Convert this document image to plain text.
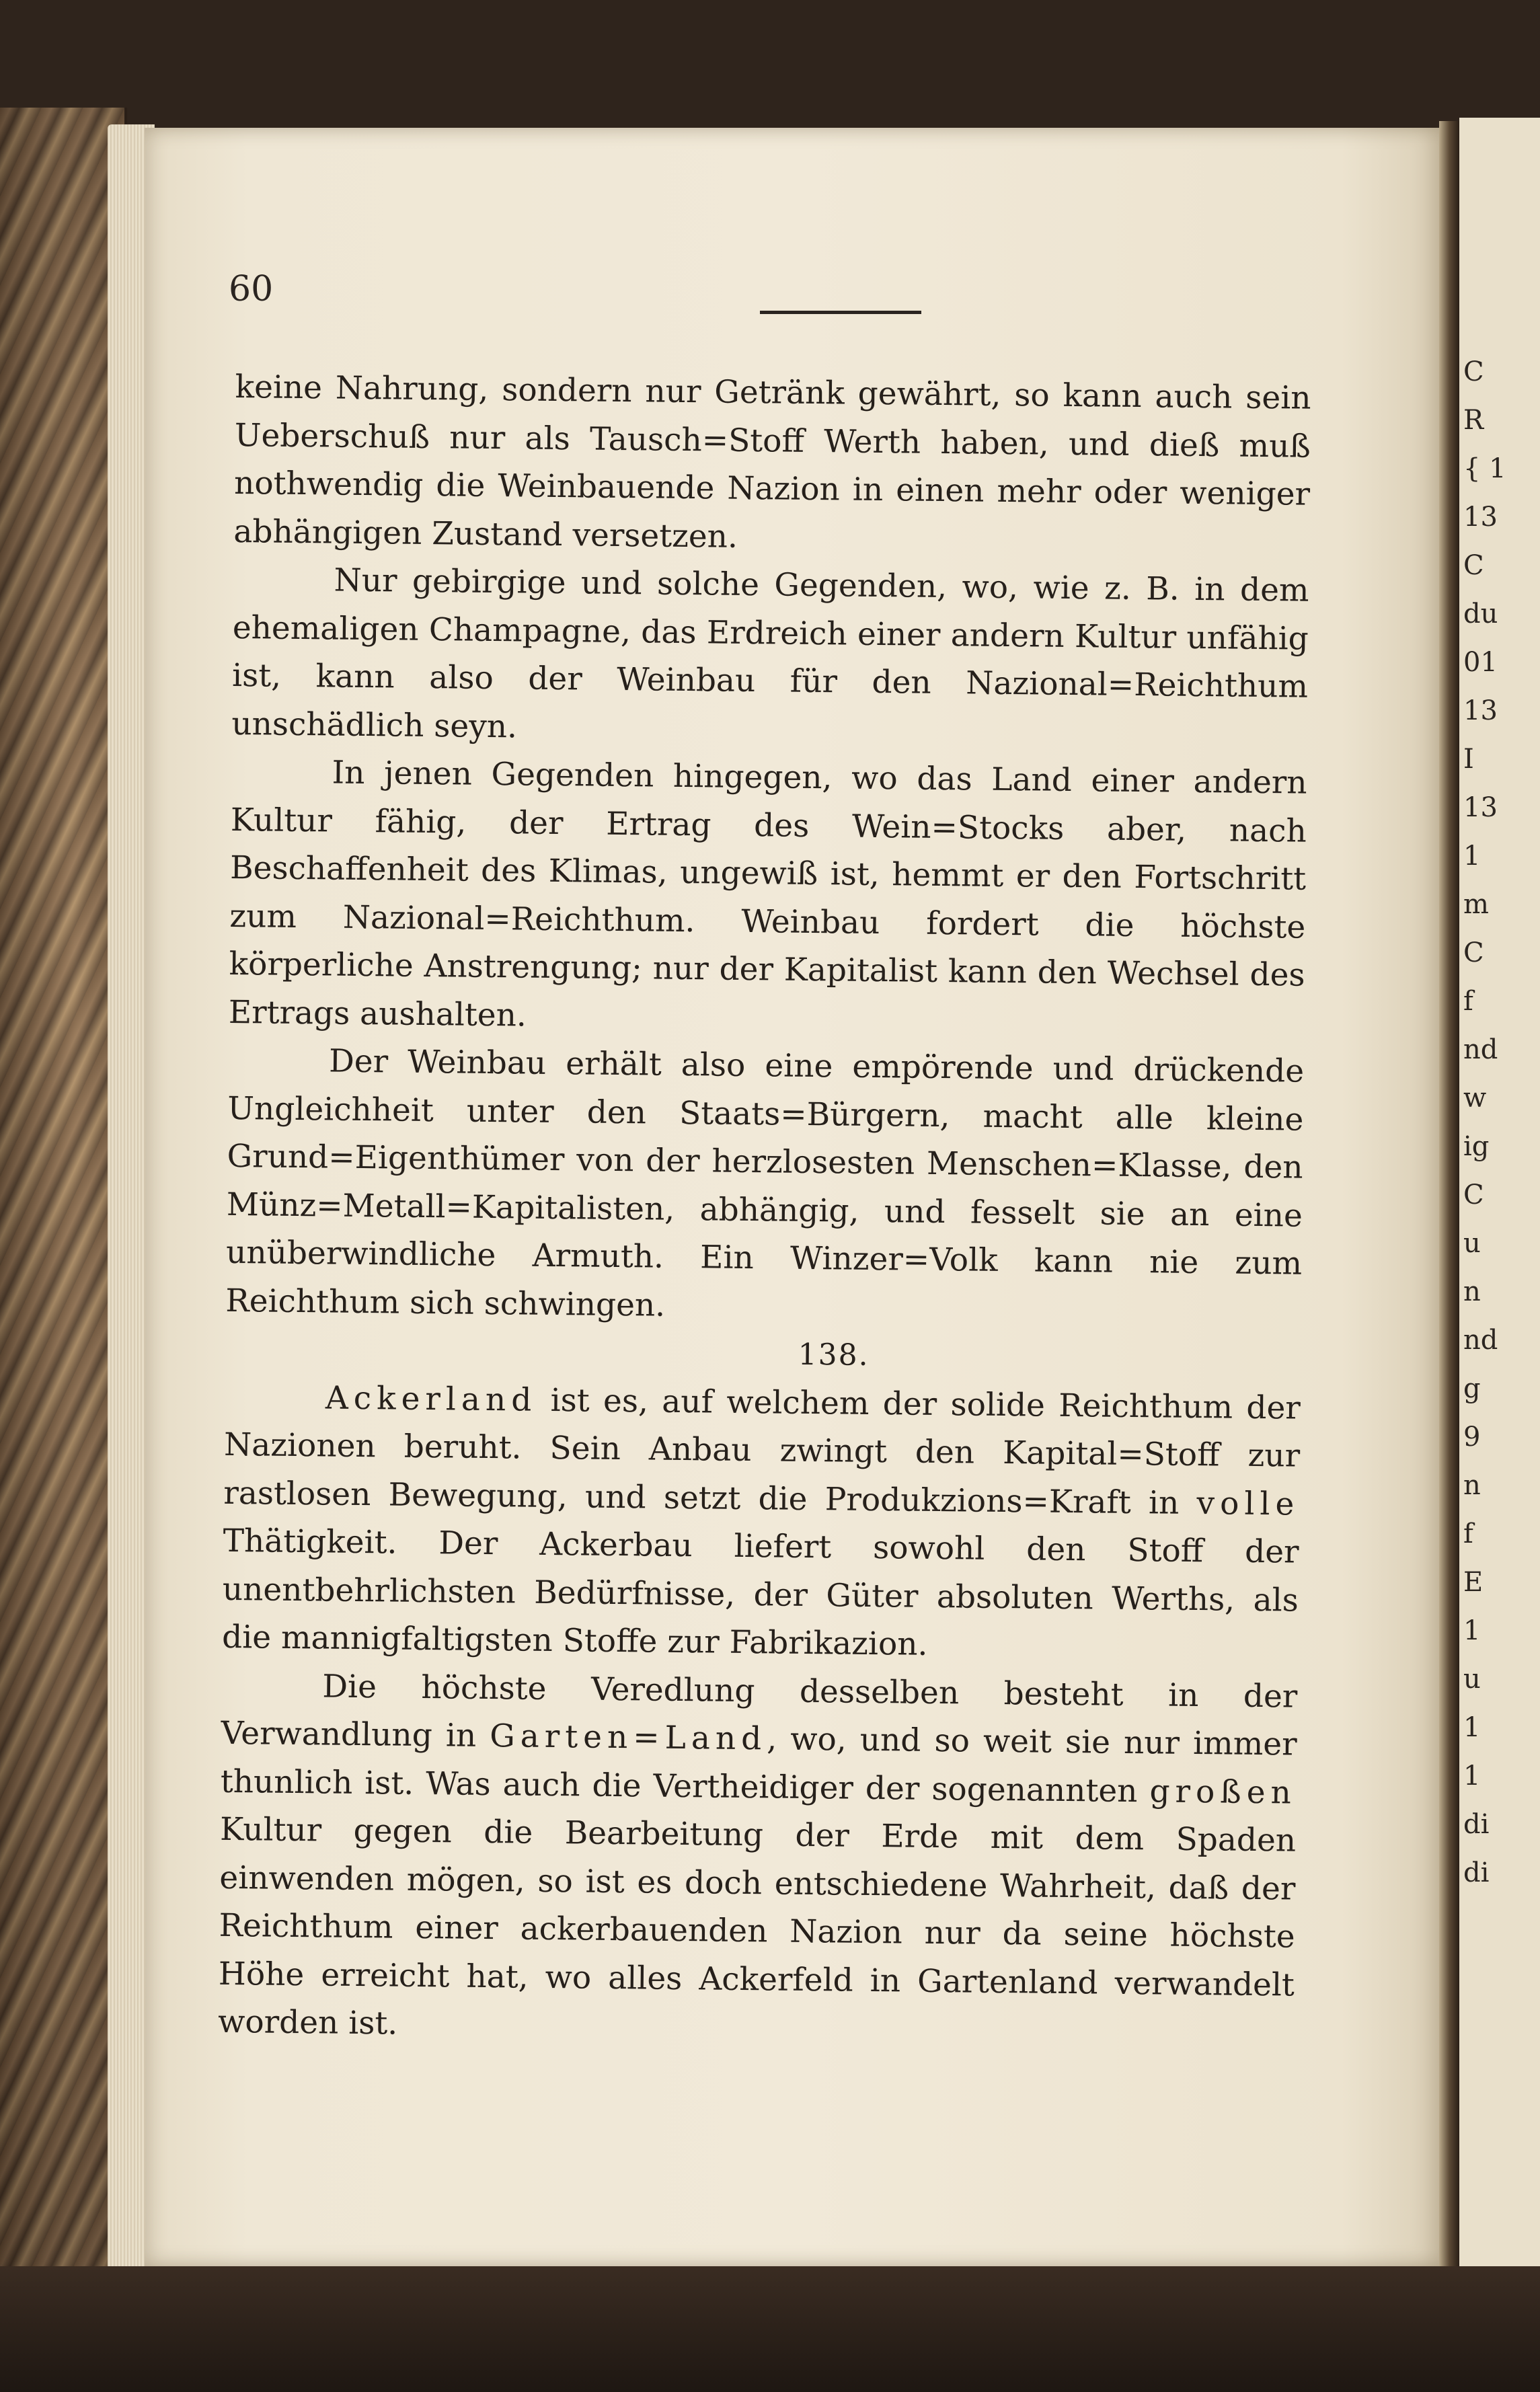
C
R
{ 1
13
C
du
01
13
I
13
1
m
C
f
nd
w
ig
C
u
n
nd
g
9
n
f
E
1
u
1
1
di
di
60

keine Nahrung, sondern nur Getränk gewährt, so kann auch sein Ueberschuß nur als Tausch=Stoff Werth haben, und dieß muß nothwendig die Weinbauende Nazion in einen mehr oder weniger abhängigen Zustand versetzen.

Nur gebirgige und solche Gegenden, wo, wie z. B. in dem ehemaligen Champagne, das Erdreich einer andern Kultur unfähig ist, kann also der Weinbau für den Nazional=Reichthum unschädlich seyn.

In jenen Gegenden hingegen, wo das Land einer andern Kultur fähig, der Ertrag des Wein=Stocks aber, nach Beschaffenheit des Klimas, ungewiß ist, hemmt er den Fortschritt zum Nazional=Reichthum. Weinbau fordert die höchste körperliche Anstrengung; nur der Kapitalist kann den Wechsel des Ertrags aushalten.

Der Weinbau erhält also eine empörende und drückende Ungleichheit unter den Staats=Bürgern, macht alle kleine Grund=Eigenthümer von der herzlosesten Menschen=Klasse, den Münz=Metall=Kapitalisten, abhängig, und fesselt sie an eine unüberwindliche Armuth. Ein Winzer=Volk kann nie zum Reichthum sich schwingen.

138.

Ackerland ist es, auf welchem der solide Reichthum der Nazionen beruht. Sein Anbau zwingt den Kapital=Stoff zur rastlosen Bewegung, und setzt die Produkzions=Kraft in volle Thätigkeit. Der Ackerbau liefert sowohl den Stoff der unentbehrlichsten Bedürfnisse, der Güter absoluten Werths, als die mannigfaltigsten Stoffe zur Fabrikazion.

Die höchste Veredlung desselben besteht in der Verwandlung in Garten=Land, wo, und so weit sie nur immer thunlich ist. Was auch die Vertheidiger der sogenannten großen Kultur gegen die Bearbeitung der Erde mit dem Spaden einwenden mögen, so ist es doch entschiedene Wahrheit, daß der Reichthum einer ackerbauenden Nazion nur da seine höchste Höhe erreicht hat, wo alles Ackerfeld in Gartenland verwandelt worden ist.
